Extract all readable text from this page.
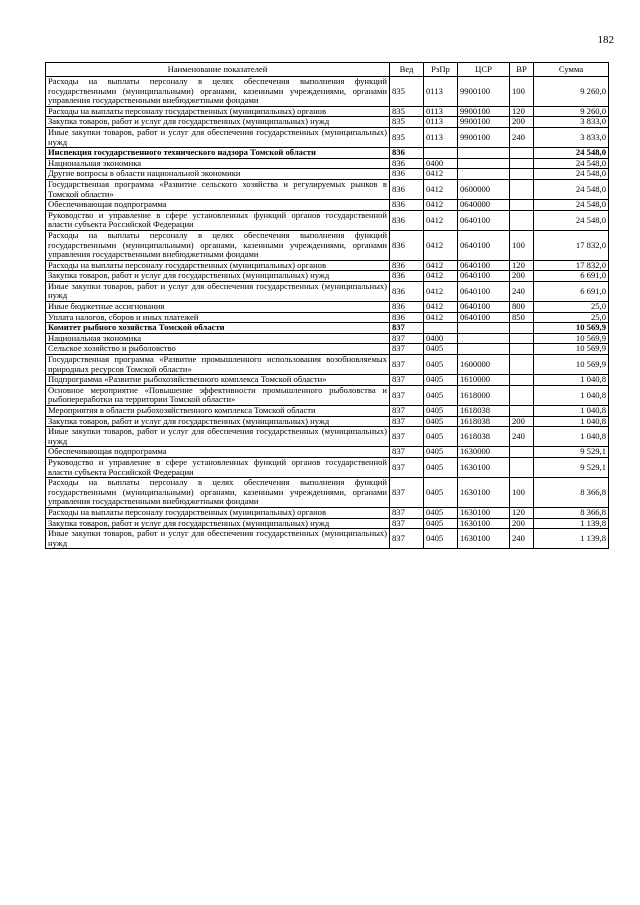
182
Наименование показателей	Вед	РзПр	ЦСР	ВР	Сумма
Расходы на выплаты персоналу в целях обеспечения выполнения функций государственными (муниципальными) органами, казенными учреждениями, органами управления государственными внебюджетными фондами	835	0113	9900100	100	9 260,0
Расходы на выплаты персоналу государственных (муниципальных) органов	835	0113	9900100	120	9 260,0
Закупка товаров, работ и услуг для государственных (муниципальных) нужд	835	0113	9900100	200	3 833,0
Иные закупки товаров, работ и услуг для обеспечения государственных (муниципальных) нужд	835	0113	9900100	240	3 833,0
Инспекция государственного технического надзора Томской области	836				24 548,0
Национальная экономика	836	0400			24 548,0
Другие вопросы в области национальной экономики	836	0412			24 548,0
Государственная программа «Развитие сельского хозяйства и регулируемых рынков в Томской области»	836	0412	0600000		24 548,0
Обеспечивающая подпрограмма	836	0412	0640000		24 548,0
Руководство и управление в сфере установленных функций органов государственной власти субъекта Российской Федерации	836	0412	0640100		24 548,0
Расходы на выплаты персоналу в целях обеспечения выполнения функций государственными (муниципальными) органами, казенными учреждениями, органами управления государственными внебюджетными фондами	836	0412	0640100	100	17 832,0
Расходы на выплаты персоналу государственных (муниципальных) органов	836	0412	0640100	120	17 832,0
Закупка товаров, работ и услуг для государственных (муниципальных) нужд	836	0412	0640100	200	6 691,0
Иные закупки товаров, работ и услуг для обеспечения государственных (муниципальных) нужд	836	0412	0640100	240	6 691,0
Иные бюджетные ассигнования	836	0412	0640100	800	25,0
Уплата налогов, сборов и иных платежей	836	0412	0640100	850	25,0
Комитет рыбного хозяйства Томской области	837				10 569,9
Национальная экономика	837	0400			10 569,9
Сельское хозяйство и рыболовство	837	0405			10 569,9
Государственная программа «Развитие промышленного использования возобновляемых природных ресурсов Томской области»	837	0405	1600000		10 569,9
Подпрограмма «Развитие рыбохозяйственного комплекса Томской области»	837	0405	1610000		1 040,8
Основное мероприятие «Повышение эффективности промышленного рыболовства и рыбопереработки на территории Томской области»	837	0405	1618000		1 040,8
Мероприятия в области рыбохозяйственного комплекса Томской области	837	0405	1618038		1 040,8
Закупка товаров, работ и услуг для государственных (муниципальных) нужд	837	0405	1618038	200	1 040,8
Иные закупки товаров, работ и услуг для обеспечения государственных (муниципальных) нужд	837	0405	1618038	240	1 040,8
Обеспечивающая подпрограмма	837	0405	1630000		9 529,1
Руководство и управление в сфере установленных функций органов государственной власти субъекта Российской Федерации	837	0405	1630100		9 529,1
Расходы на выплаты персоналу в целях обеспечения выполнения функций государственными (муниципальными) органами, казенными учреждениями, органами управления государственными внебюджетными фондами	837	0405	1630100	100	8 366,8
Расходы на выплаты персоналу государственных (муниципальных) органов	837	0405	1630100	120	8 366,8
Закупка товаров, работ и услуг для государственных (муниципальных) нужд	837	0405	1630100	200	1 139,8
Иные закупки товаров, работ и услуг для обеспечения государственных (муниципальных) нужд	837	0405	1630100	240	1 139,8
